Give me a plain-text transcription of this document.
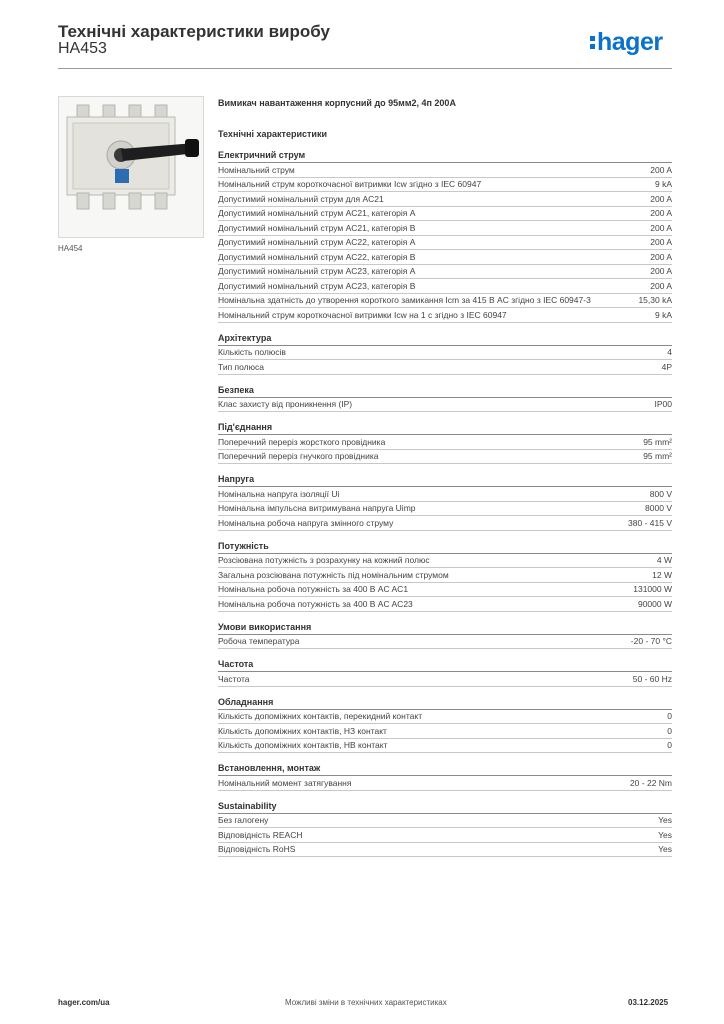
Технічні характеристики виробу
HA453	hager
HA454
Вимикач навантаження корпусний до 95мм2, 4п 200А
Технічні характеристики
Електричний струм
Номінальний струм	200 A
Номінальний струм короткочасної витримки Icw згідно з IEC 60947	9 kA
Допустимий номінальний струм для AC21	200 A
Допустимий номінальний струм AC21, категорія A	200 A
Допустимий номінальний струм AC21, категорія B	200 A
Допустимий номінальний струм AC22, категорія A	200 A
Допустимий номінальний струм AC22, категорія B	200 A
Допустимий номінальний струм AC23, категорія A	200 A
Допустимий номінальний струм AC23, категорія B	200 A
Номінальна здатність до утворення короткого замикання Icm за 415 В AC згідно з IEC 60947-3	15,30 kA
Номінальний струм короткочасної витримки Icw на 1 с згідно з IEC 60947	9 kA
Архітектура
Кількість полюсів	4
Тип полюса	4P
Безпека
Клас захисту від проникнення (IP)	IP00
Під'єднання
Поперечний переріз жорсткого провідника	95 mm²
Поперечний переріз гнучкого провідника	95 mm²
Напруга
Номінальна напруга ізоляції Ui	800 V
Номінальна імпульсна витримувана напруга Uimp	8000 V
Номінальна робоча напруга змінного струму	380 - 415 V
Потужність
Розсіювана потужність з розрахунку на кожний полюс	4 W
Загальна розсіювана потужність під номінальним струмом	12 W
Номінальна робоча потужність за 400 В AC AC1	131000 W
Номінальна робоча потужність за 400 В AC AC23	90000 W
Умови використання
Робоча температура	-20 - 70 °C
Частота
Частота	50 - 60 Hz
Обладнання
Кількість допоміжних контактів, перекидний контакт	0
Кількість допоміжних контактів, НЗ контакт	0
Кількість допоміжних контактів, НВ контакт	0
Встановлення, монтаж
Номінальний момент затягування	20 - 22 Nm
Sustainability
Без галогену	Yes
Відповідність REACH	Yes
Відповідність RoHS	Yes
hager.com/ua	Можливі зміни в технічних характеристиках	03.12.2025
